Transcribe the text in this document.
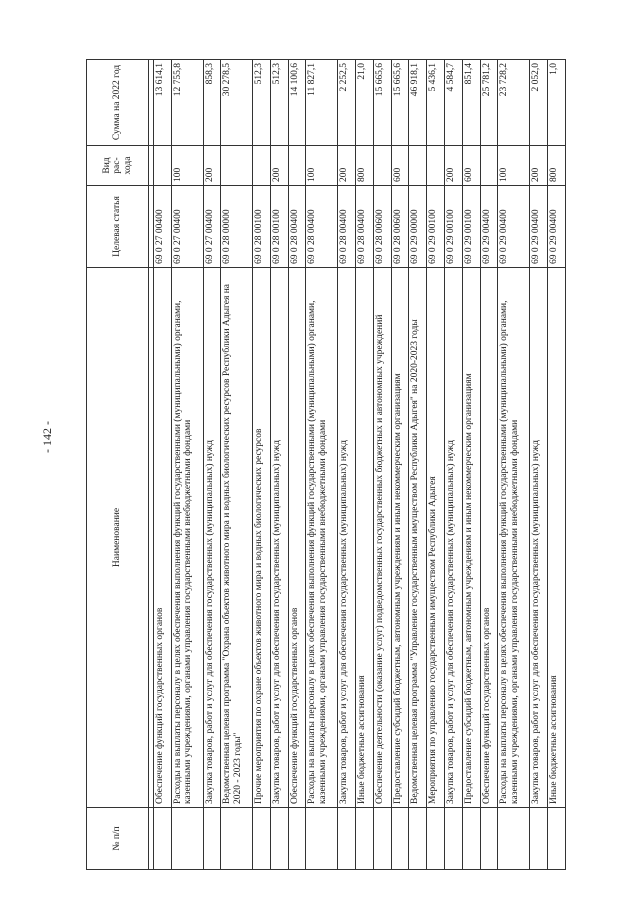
- 142 -
№ п/п	Наименование	Целевая статья	Вид рас-хода	Сумма на 2022 год

	Обеспечение функций государственных органов	69 0 27 00400		13 614,1
	Расходы на выплаты персоналу в целях обеспечения выполнения функций государственными (муниципальными) органами, казенными учреждениями, органами управления государственными внебюджетными фондами	69 0 27 00400	100	12 755,8
	Закупка товаров, работ и услуг для обеспечения государственных (муниципальных) нужд	69 0 27 00400	200	858,3
	Ведомственная целевая программа "Охрана объектов животного мира и водных биологических ресурсов Республики Адыгея на 2020 - 2023 годы"	69 0 28 00000		30 278,5
	Прочие мероприятия по охране объектов животного мира и водных биологических ресурсов	69 0 28 00100		512,3
	Закупка товаров, работ и услуг для обеспечения государственных (муниципальных) нужд	69 0 28 00100	200	512,3
	Обеспечение функций государственных органов	69 0 28 00400		14 100,6
	Расходы на выплаты персоналу в целях обеспечения выполнения функций государственными (муниципальными) органами, казенными учреждениями, органами управления государственными внебюджетными фондами	69 0 28 00400	100	11 827,1
	Закупка товаров, работ и услуг для обеспечения государственных (муниципальных) нужд	69 0 28 00400	200	2 252,5
	Иные бюджетные ассигнования	69 0 28 00400	800	21,0
	Обеспечение деятельности (оказание услуг) подведомственных государственных бюджетных и автономных учреждений	69 0 28 00600		15 665,6
	Предоставление субсидий бюджетным, автономным учреждениям и иным некоммерческим организациям	69 0 28 00600	600	15 665,6
	Ведомственная целевая программа "Управление государственным имуществом Республики Адыгея" на 2020-2023 годы	69 0 29 00000		46 918,1
	Мероприятия по управлению государственным имуществом Республики Адыгея	69 0 29 00100		5 436,1
	Закупка товаров, работ и услуг для обеспечения государственных (муниципальных) нужд	69 0 29 00100	200	4 584,7
	Предоставление субсидий бюджетным, автономным учреждениям и иным некоммерческим организациям	69 0 29 00100	600	851,4
	Обеспечение функций государственных органов	69 0 29 00400		25 781,2
	Расходы на выплаты персоналу в целях обеспечения выполнения функций государственными (муниципальными) органами, казенными учреждениями, органами управления государственными внебюджетными фондами	69 0 29 00400	100	23 728,2
	Закупка товаров, работ и услуг для обеспечения государственных (муниципальных) нужд	69 0 29 00400	200	2 052,0
	Иные бюджетные ассигнования	69 0 29 00400	800	1,0
